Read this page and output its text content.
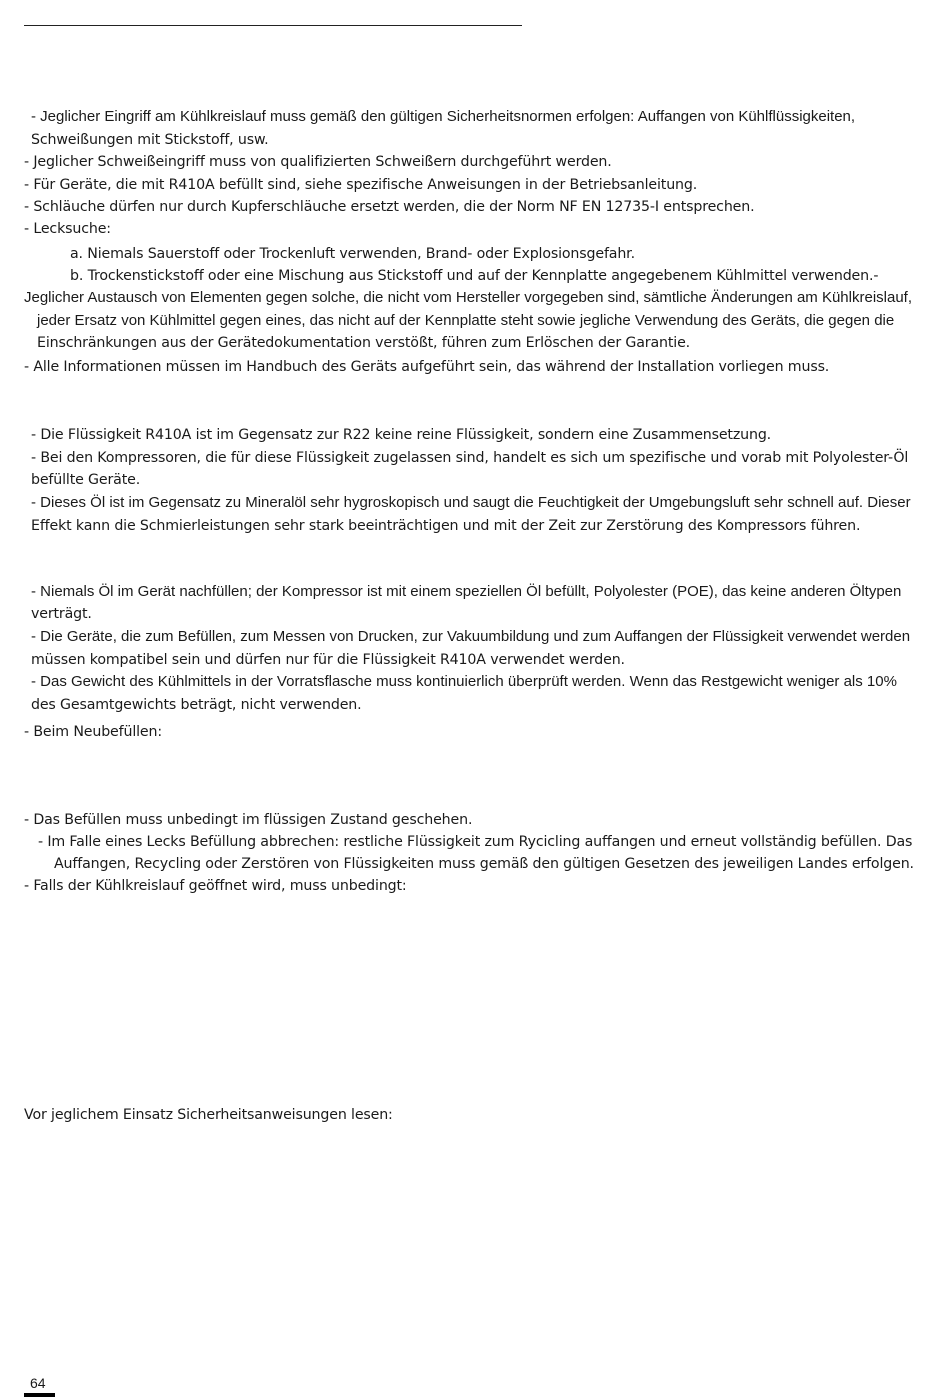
- Jeglicher Eingriff am Kühlkreislauf muss gemäß den gültigen Sicherheitsnormen erfolgen: Auffangen von Kühlflüssigkeiten,
Schweißungen mit Stickstoff, usw.
- Jeglicher Schweißeingriff muss von qualifizierten Schweißern durchgeführt werden.
- Für Geräte, die mit R410A befüllt sind, siehe spezifische Anweisungen in der Betriebsanleitung.
- Schläuche dürfen nur durch Kupferschläuche ersetzt werden, die der Norm NF EN 12735-I entsprechen.
- Lecksuche:
a. Niemals Sauerstoff oder Trockenluft verwenden, Brand- oder Explosionsgefahr.
b. Trockenstickstoff oder eine Mischung aus Stickstoff und auf der Kennplatte angegebenem Kühlmittel verwenden.-
Jeglicher Austausch von Elementen gegen solche, die nicht vom Hersteller vorgegeben sind, sämtliche Änderungen am Kühlkreislauf,
jeder Ersatz von Kühlmittel gegen eines, das nicht auf der Kennplatte steht sowie jegliche Verwendung des Geräts, die gegen die
Einschränkungen aus der Gerätedokumentation verstößt, führen zum Erlöschen der Garantie.
- Alle Informationen müssen im Handbuch des Geräts aufgeführt sein, das während der Installation vorliegen muss.
- Die Flüssigkeit R410A ist im Gegensatz zur R22 keine reine Flüssigkeit, sondern eine Zusammensetzung.
- Bei den Kompressoren, die für diese Flüssigkeit zugelassen sind, handelt es sich um spezifische und vorab mit Polyolester-Öl
befüllte Geräte.
- Dieses Öl ist im Gegensatz zu Mineralöl sehr hygroskopisch und saugt die Feuchtigkeit der Umgebungsluft sehr schnell auf. Dieser
Effekt kann die Schmierleistungen sehr stark beeinträchtigen und mit der Zeit zur Zerstörung des Kompressors führen.
- Niemals Öl im Gerät nachfüllen; der Kompressor ist mit einem speziellen Öl befüllt, Polyolester (POE), das keine anderen Öltypen
verträgt.
- Die Geräte, die zum Befüllen, zum Messen von Drucken, zur Vakuumbildung und zum Auffangen der Flüssigkeit verwendet werden
müssen kompatibel sein und dürfen nur für die Flüssigkeit R410A verwendet werden.
- Das Gewicht des Kühlmittels in der Vorratsflasche muss kontinuierlich überprüft werden. Wenn das Restgewicht weniger als 10%
des Gesamtgewichts beträgt, nicht verwenden.
- Beim Neubefüllen:
- Das Befüllen muss unbedingt im flüssigen Zustand geschehen.
- Im Falle eines Lecks Befüllung abbrechen: restliche Flüssigkeit zum Rycicling auffangen und erneut vollständig befüllen. Das
Auffangen, Recycling oder Zerstören von Flüssigkeiten muss gemäß den gültigen Gesetzen des jeweiligen Landes erfolgen.
- Falls der Kühlkreislauf geöffnet wird, muss unbedingt:
Vor jeglichem Einsatz Sicherheitsanweisungen lesen:
64
